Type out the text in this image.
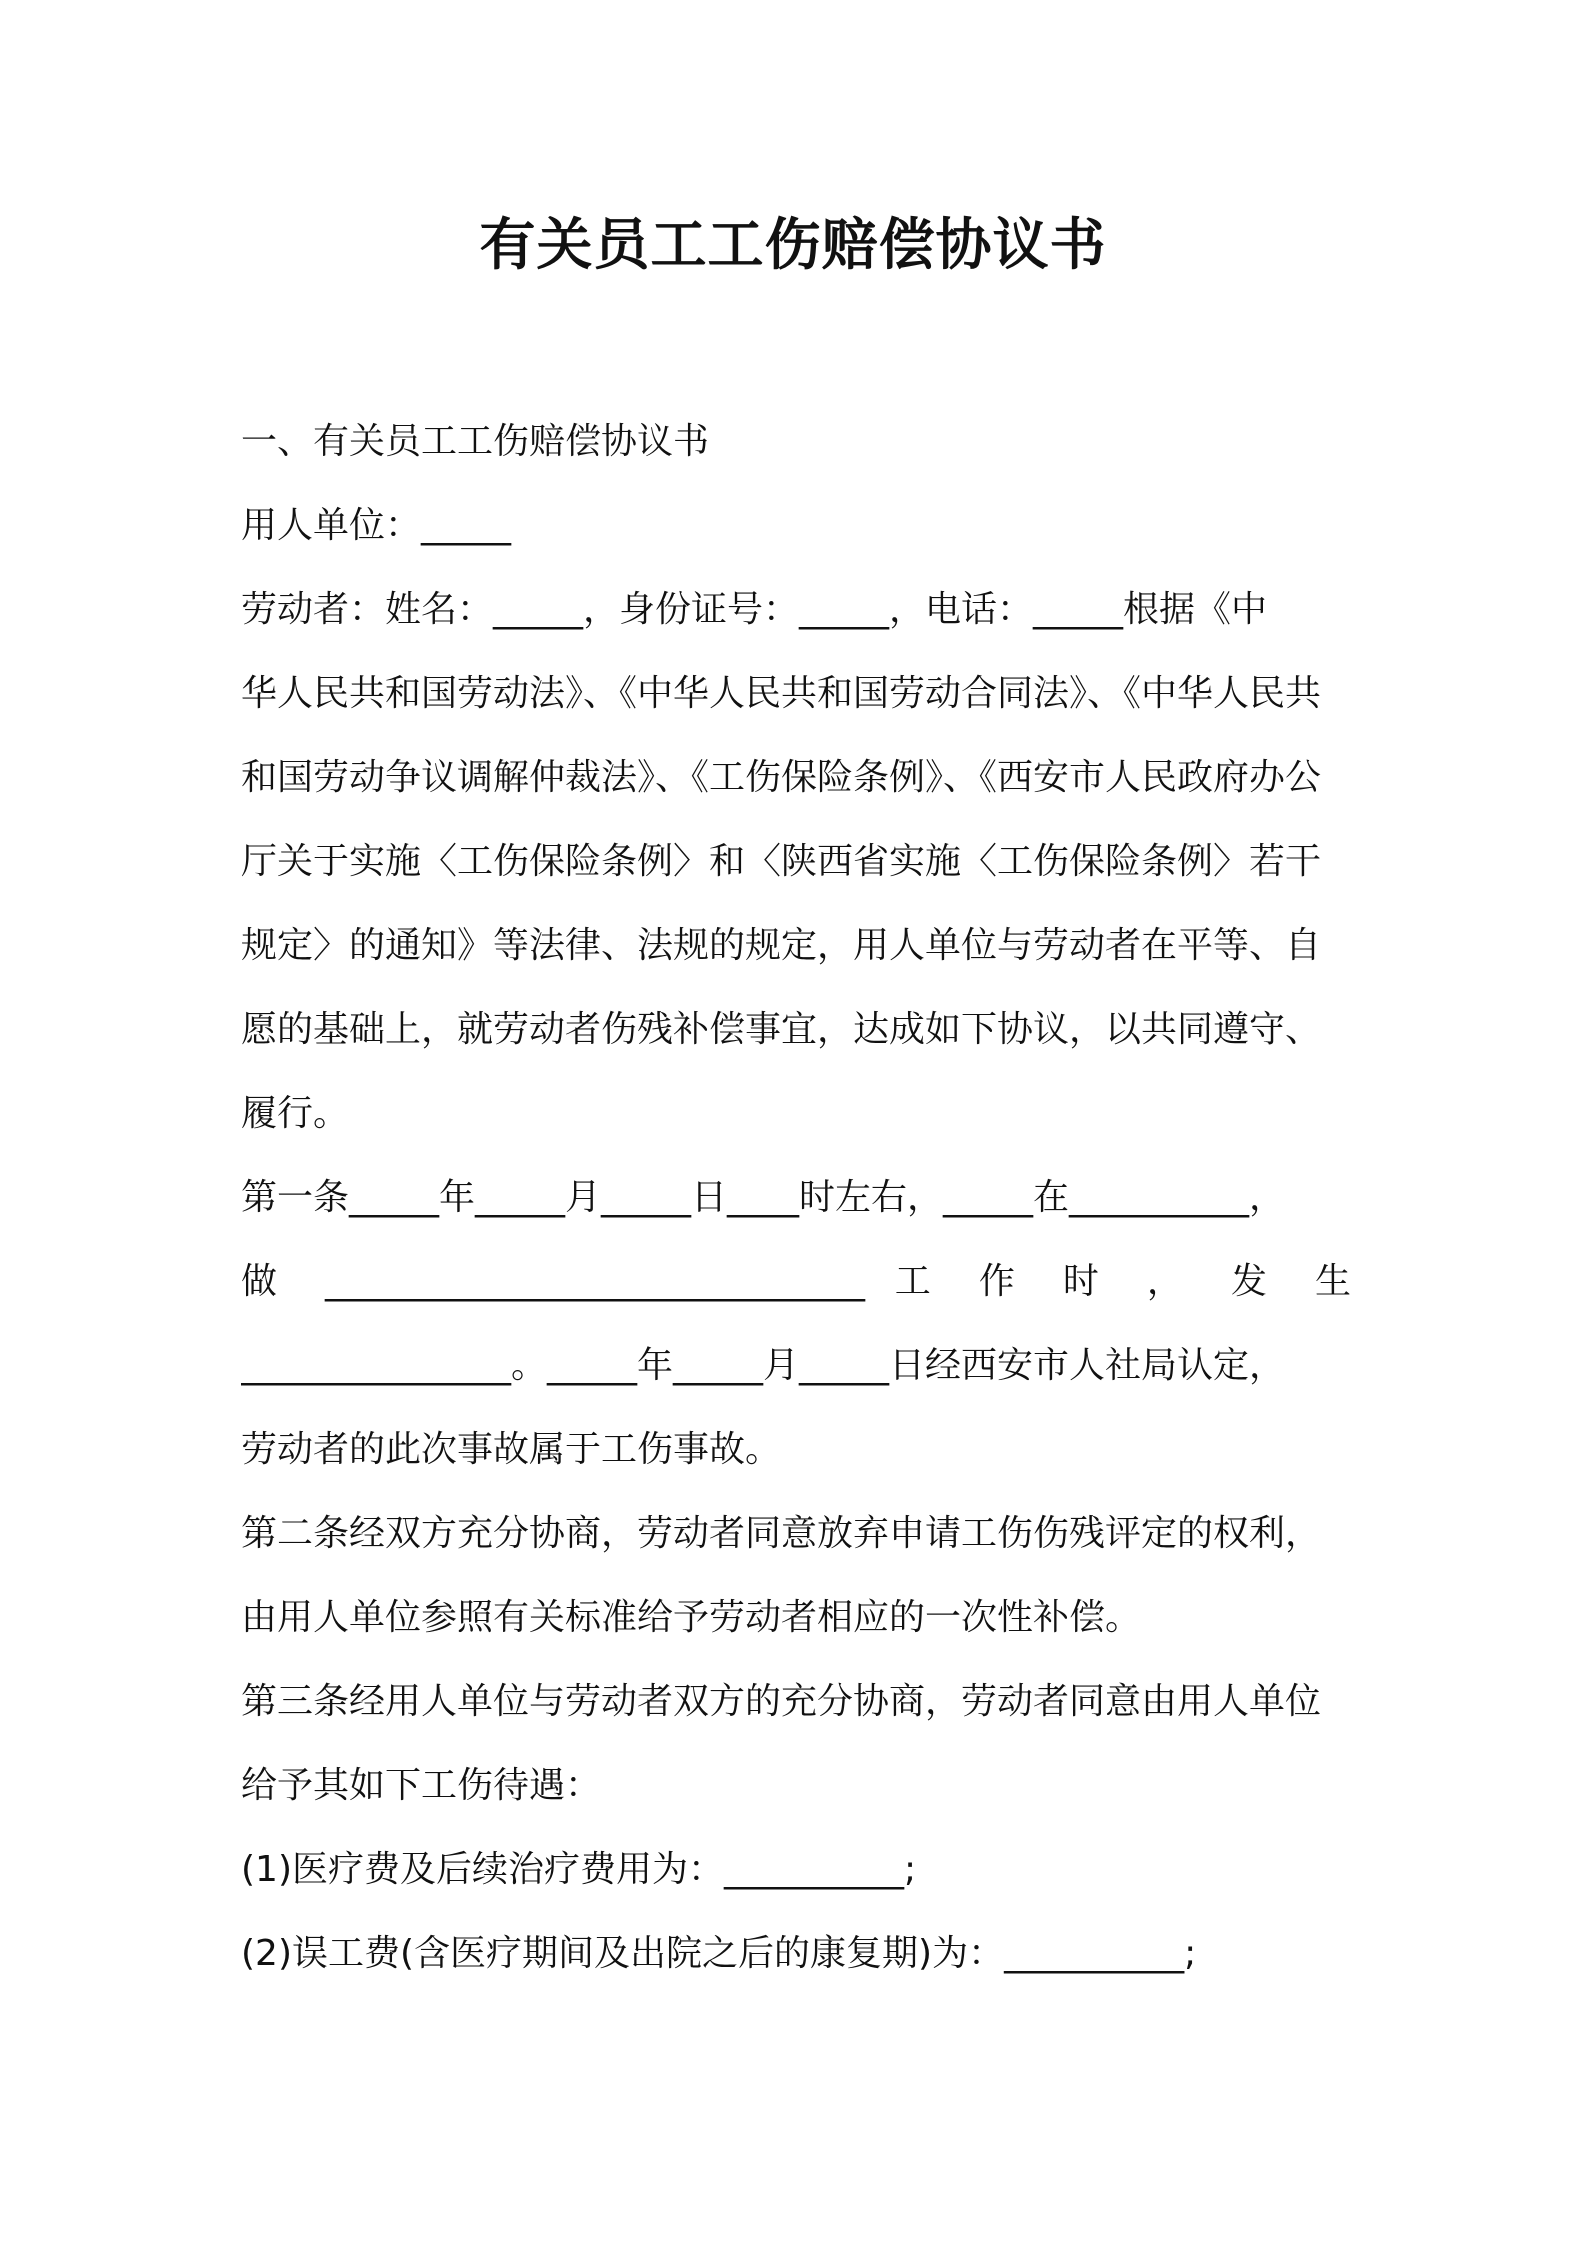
有关员工工伤赔偿协议书
一、有关员工工伤赔偿协议书
用人单位：_____
劳动者：姓名：_____，身份证号：_____，电话：_____根据《中
华人民共和国劳动法》、《中华人民共和国劳动合同法》、《中华人民共
和国劳动争议调解仲裁法》、《工伤保险条例》、《西安市人民政府办公
厅关于实施〈工伤保险条例〉和〈陕西省实施〈工伤保险条例〉若干
规定〉的通知》等法律、法规的规定，用人单位与劳动者在平等、自
愿的基础上，就劳动者伤残补偿事宜，达成如下协议，以共同遵守、
履行。
第一条_____年_____月_____日____时左右，_____在__________，
做 ______________________________ 工 作 时 ， 发 生
_______________。_____年_____月_____日经西安市人社局认定，
劳动者的此次事故属于工伤事故。
第二条经双方充分协商，劳动者同意放弃申请工伤伤残评定的权利，
由用人单位参照有关标准给予劳动者相应的一次性补偿。
第三条经用人单位与劳动者双方的充分协商，劳动者同意由用人单位
给予其如下工伤待遇：
(1)医疗费及后续治疗费用为：__________;
(2)误工费(含医疗期间及出院之后的康复期)为：__________;
